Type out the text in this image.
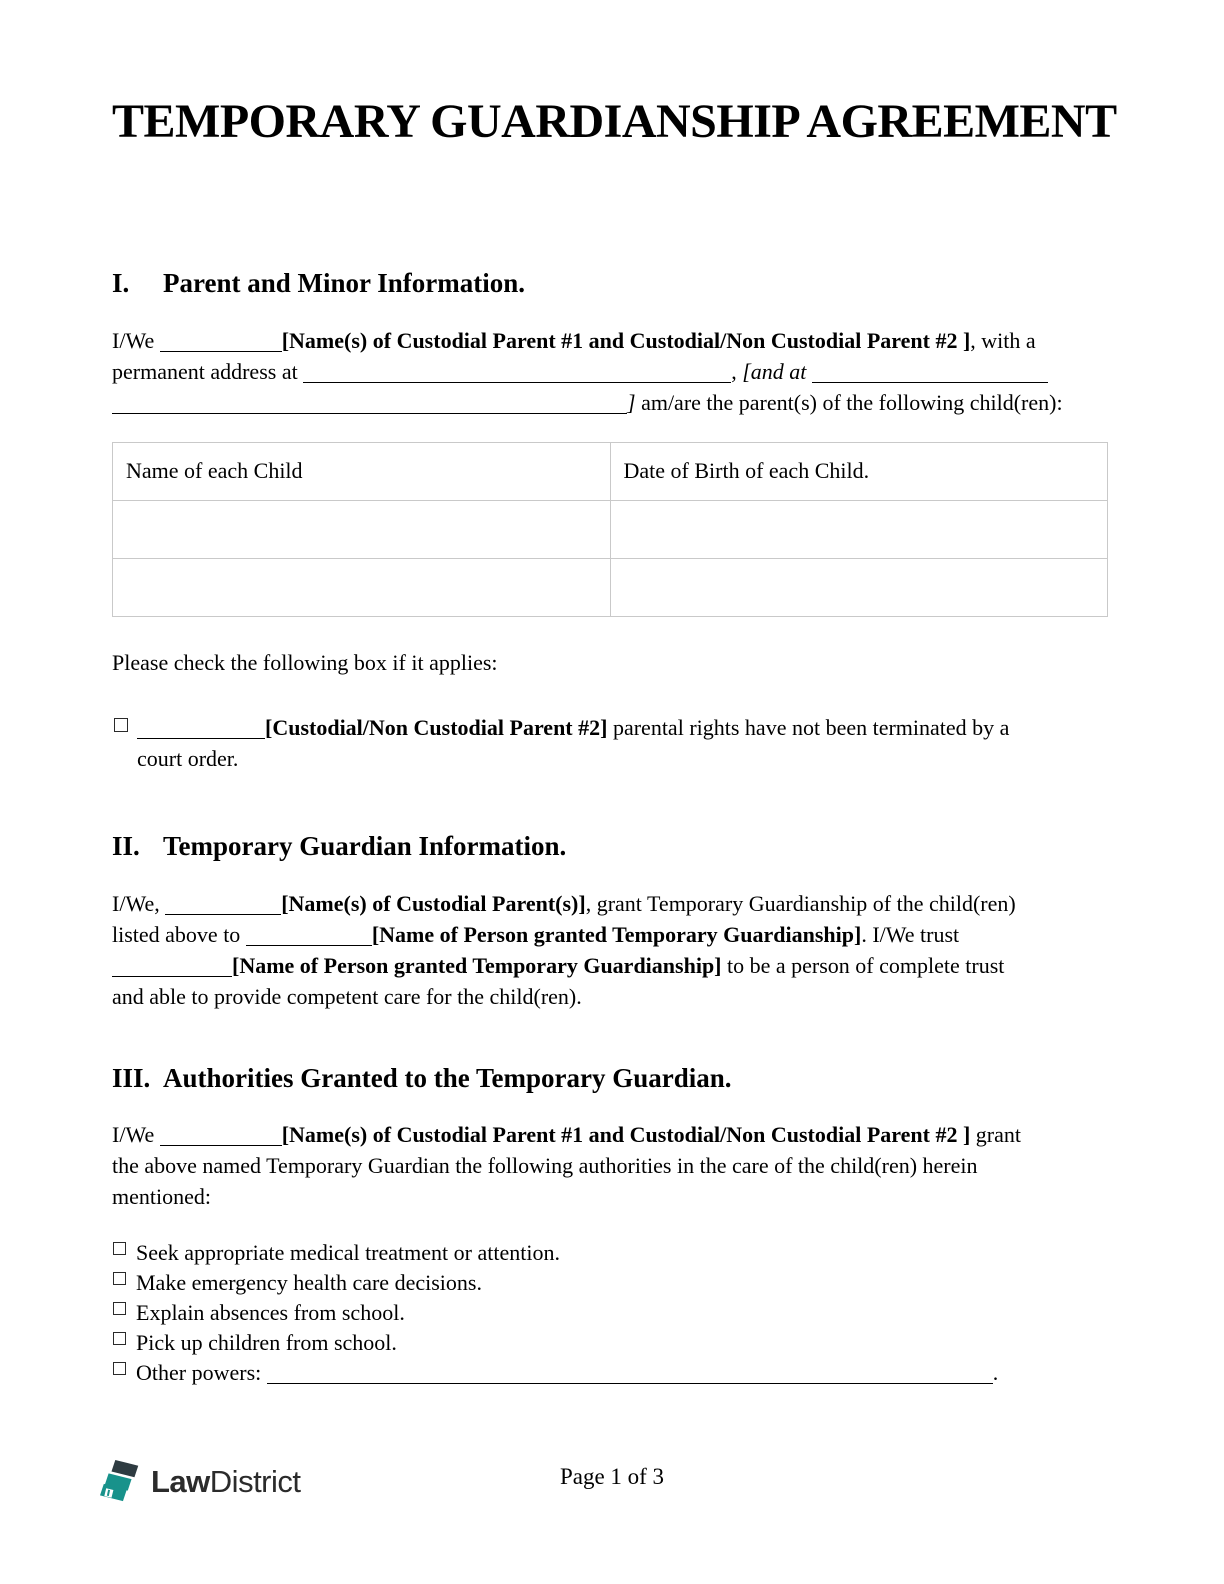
TEMPORARY GUARDIANSHIP AGREEMENT
I.	Parent and Minor Information.
I/We	[Name(s) of Custodial Parent #1 and Custodial/Non Custodial Parent #2 ], with a
permanent address at	, [and at
] am/are the parent(s) of the following child(ren):
Name of each Child	Date of Birth of each Child.

Please check the following box if it applies:
[Custodial/Non Custodial Parent #2] parental rights have not been terminated by a
court order.
II. Temporary Guardian Information.
I/We,	[Name(s) of Custodial Parent(s)], grant Temporary Guardianship of the child(ren)
listed above to	[Name of Person granted Temporary Guardianship]. I/We trust
[Name of Person granted Temporary Guardianship] to be a person of complete trust
and able to provide competent care for the child(ren).
III. Authorities Granted to the Temporary Guardian.
I/We	[Name(s) of Custodial Parent #1 and Custodial/Non Custodial Parent #2 ] grant
the above named Temporary Guardian the following authorities in the care of the child(ren) herein
mentioned:
Seek appropriate medical treatment or attention.
Make emergency health care decisions.
Explain absences from school.
Pick up children from school.
Other powers:	.
LawDistrict	Page 1 of 3
